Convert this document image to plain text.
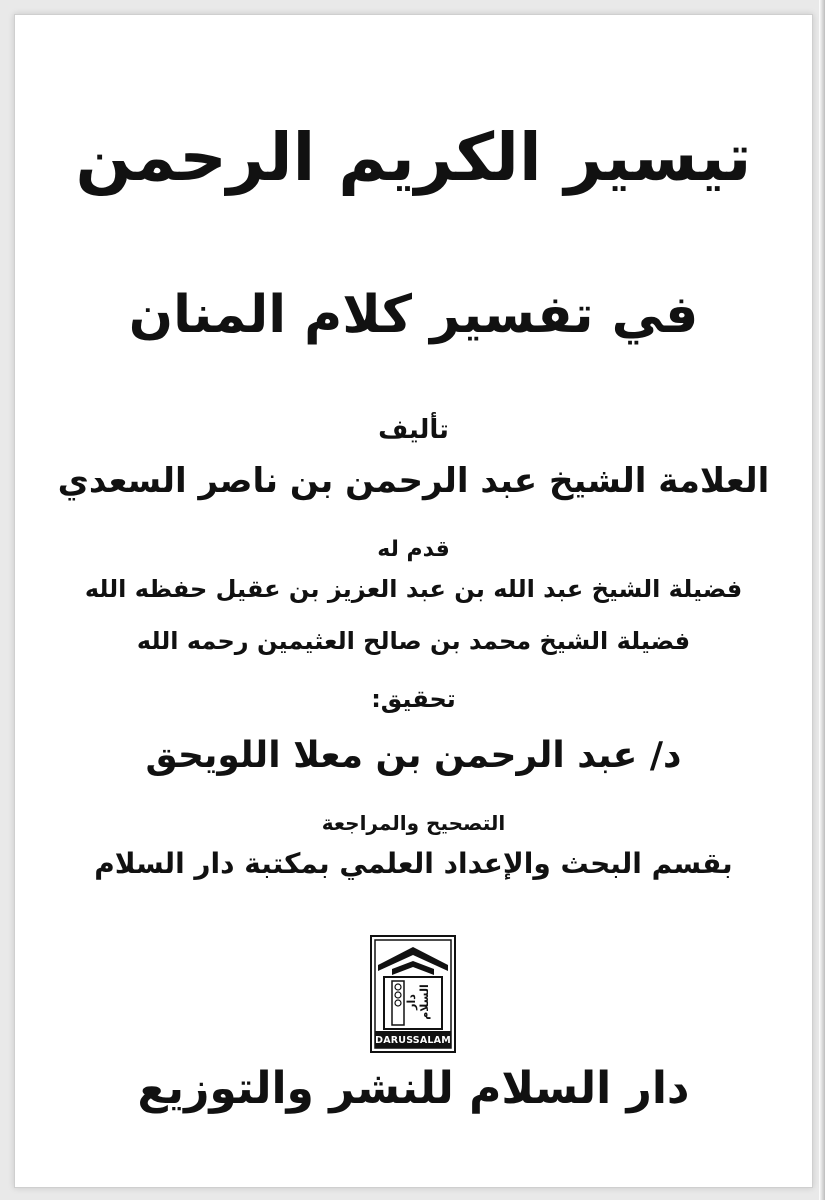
تيسير الكريم الرحمن
في تفسير كلام المنان
تأليف
العلامة الشيخ عبد الرحمن بن ناصر السعدي
قدم له
فضيلة الشيخ عبد الله بن عبد العزيز بن عقيل حفظه الله
فضيلة الشيخ محمد بن صالح العثيمين رحمه الله
تحقيق:
د/ عبد الرحمن بن معلا اللويحق
التصحيح والمراجعة
بقسم البحث والإعداد العلمي بمكتبة دار السلام
دار السلام
DARUSSALAM
دار السلام للنشر والتوزيع
